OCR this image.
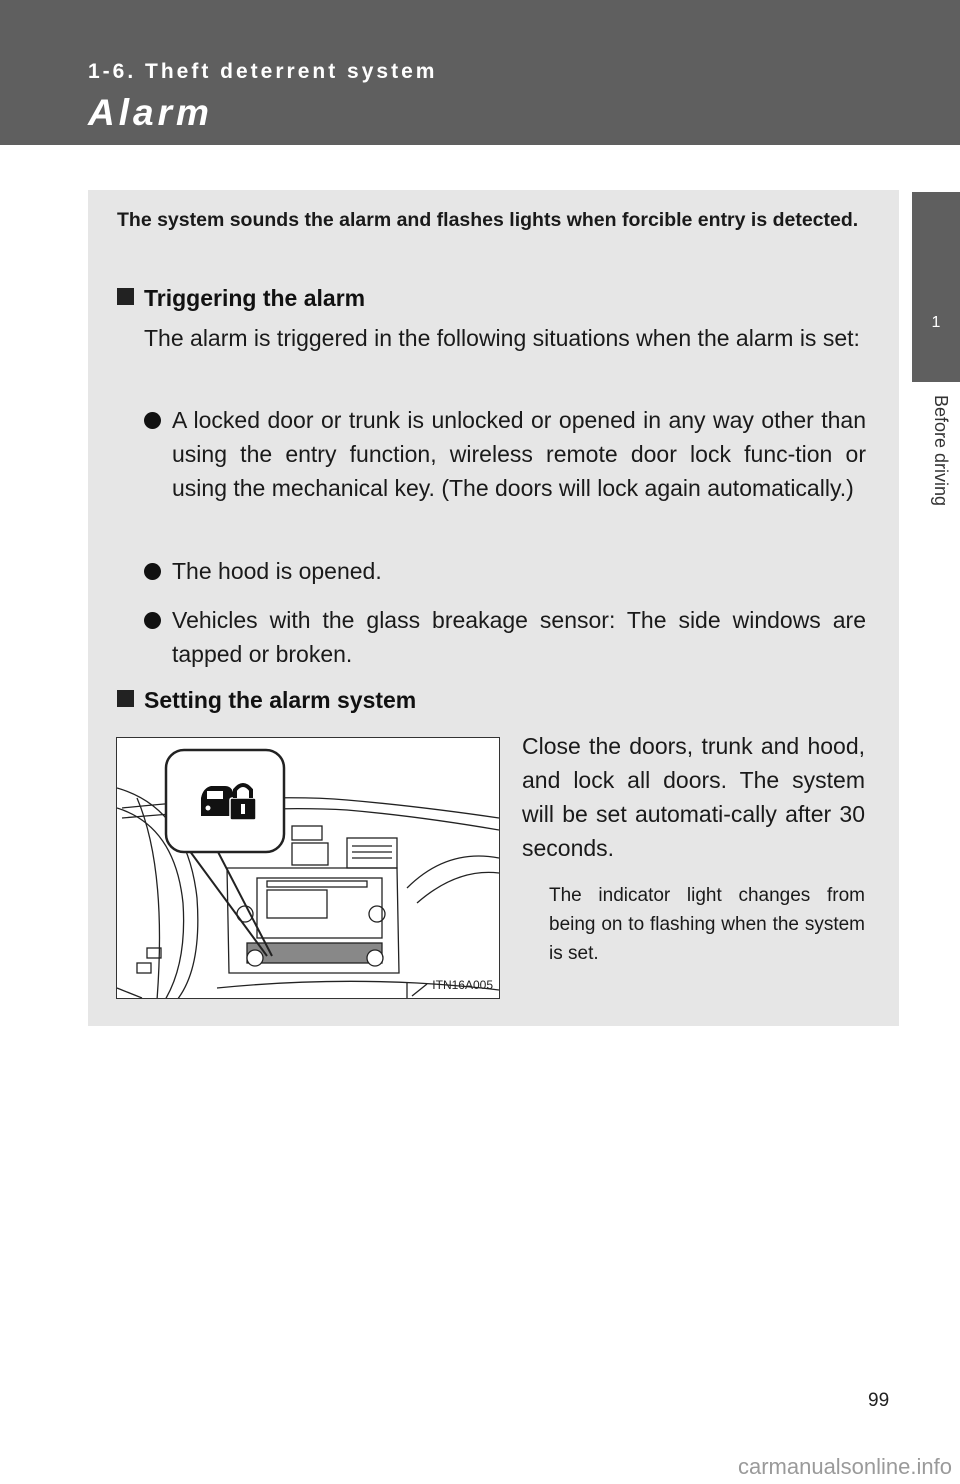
1-6. Theft deterrent system
Alarm
1
Before driving
The system sounds the alarm and flashes lights when forcible entry is detected.
Triggering the alarm
The alarm is triggered in the following situations when the alarm is set:
A locked door or trunk is unlocked or opened in any way other than using the entry function, wireless remote door lock func-tion or using the mechanical key. (The doors will lock again automatically.)
The hood is opened.
Vehicles with the glass breakage sensor: The side windows are tapped or broken.
Setting the alarm system
ITN16A005
Close the doors, trunk and hood, and lock all doors. The system will be set automati-cally after 30 seconds.
The indicator light changes from being on to flashing when the system is set.
99
carmanualsonline.info
